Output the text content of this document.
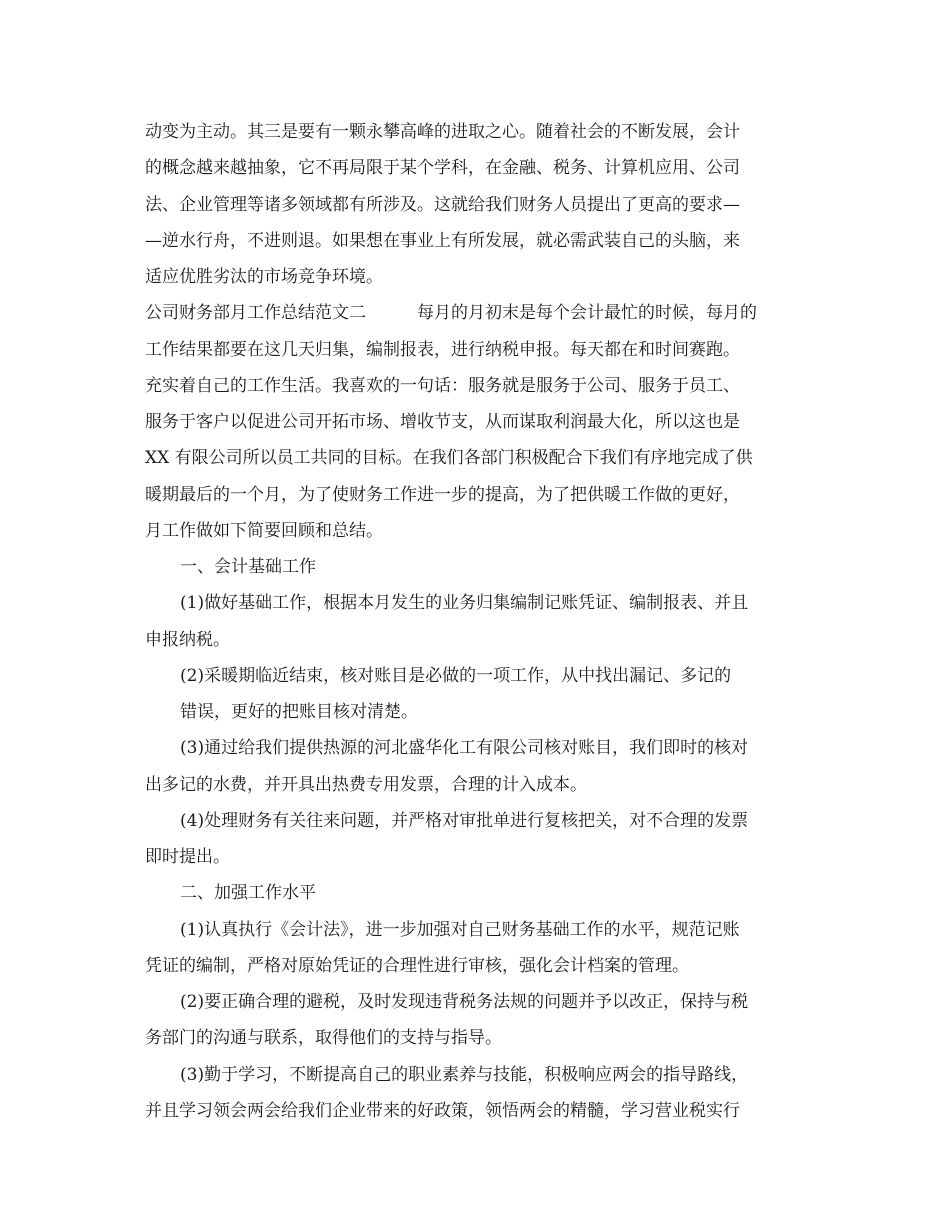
动变为主动。其三是要有一颗永攀高峰的进取之心。随着社会的不断发展，会计
的概念越来越抽象，它不再局限于某个学科，在金融、税务、计算机应用、公司
法、企业管理等诸多领域都有所涉及。这就给我们财务人员提出了更高的要求—
—逆水行舟，不进则退。如果想在事业上有所发展，就必需武装自己的头脑，来
适应优胜劣汰的市场竞争环境。
公司财务部月工作总结范文二　　　每月的月初末是每个会计最忙的时候，每月的
工作结果都要在这几天归集，编制报表，进行纳税申报。每天都在和时间赛跑。
充实着自己的工作生活。我喜欢的一句话：服务就是服务于公司、服务于员工、
服务于客户以促进公司开拓市场、增收节支，从而谋取利润最大化，所以这也是
XX 有限公司所以员工共同的目标。在我们各部门积极配合下我们有序地完成了供
暖期最后的一个月，为了使财务工作进一步的提高，为了把供暖工作做的更好，
月工作做如下简要回顾和总结。
一、会计基础工作
(1)做好基础工作，根据本月发生的业务归集编制记账凭证、编制报表、并且
申报纳税。
(2)采暖期临近结束，核对账目是必做的一项工作，从中找出漏记、多记的
错误，更好的把账目核对清楚。
(3)通过给我们提供热源的河北盛华化工有限公司核对账目，我们即时的核对
出多记的水费，并开具出热费专用发票，合理的计入成本。
(4)处理财务有关往来问题，并严格对审批单进行复核把关，对不合理的发票
即时提出。
二、加强工作水平
(1)认真执行《会计法》，进一步加强对自己财务基础工作的水平，规范记账
凭证的编制，严格对原始凭证的合理性进行审核，强化会计档案的管理。
(2)要正确合理的避税，及时发现违背税务法规的问题并予以改正，保持与税
务部门的沟通与联系，取得他们的支持与指导。
(3)勤于学习，不断提高自己的职业素养与技能，积极响应两会的指导路线，
并且学习领会两会给我们企业带来的好政策，领悟两会的精髓，学习营业税实行
